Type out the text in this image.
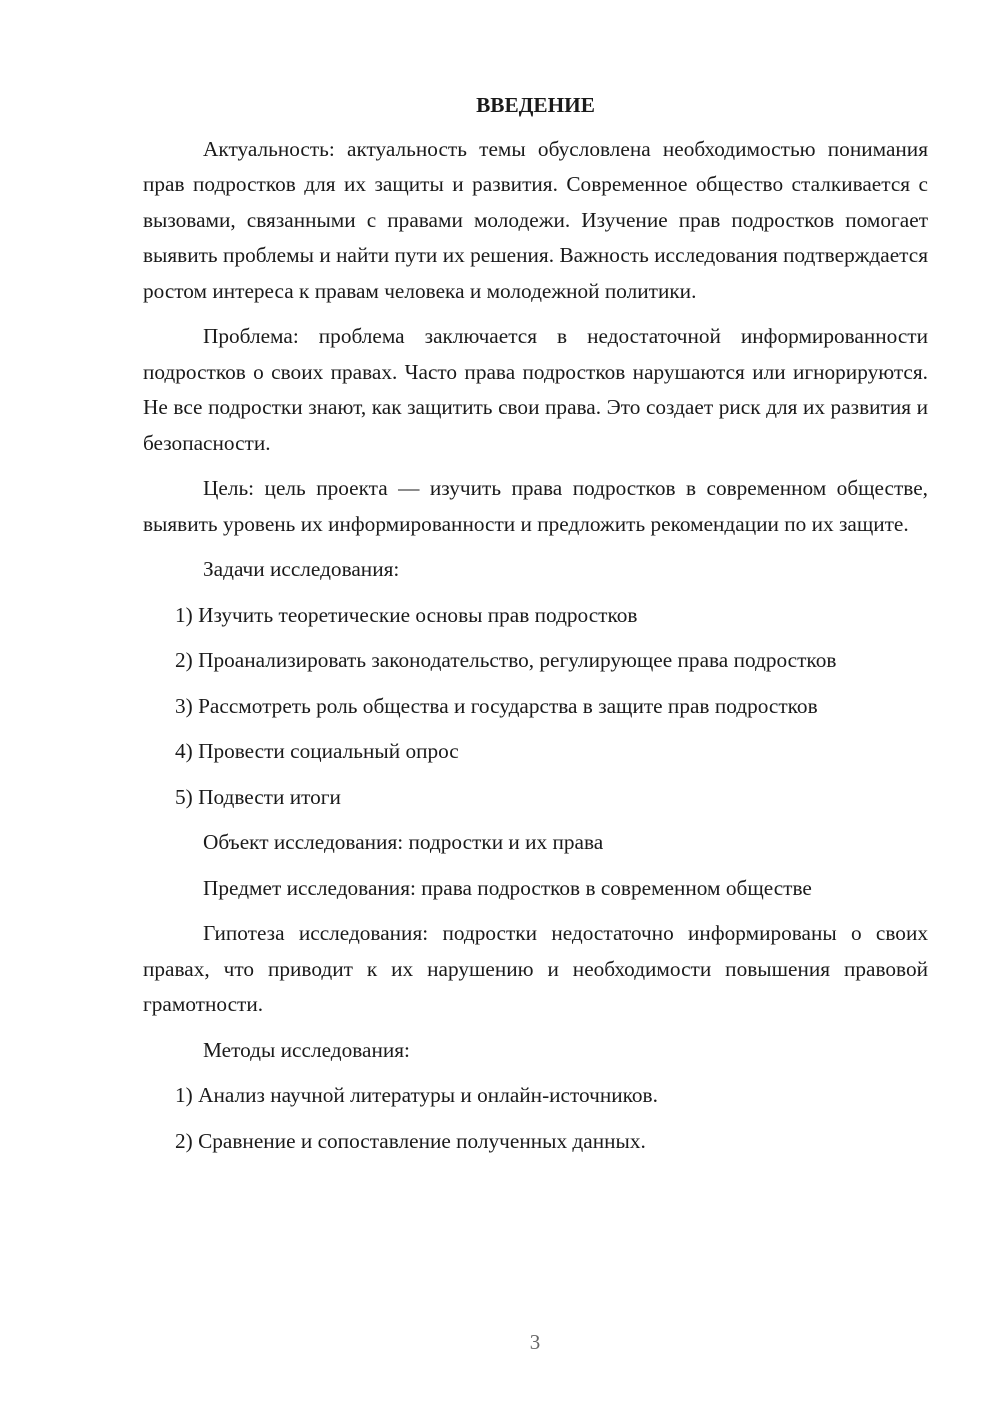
ВВЕДЕНИЕ

Актуальность: актуальность темы обусловлена необходимостью понимания прав подростков для их защиты и развития. Современное общество сталкивается с вызовами, связанными с правами молодежи. Изучение прав подростков помогает выявить проблемы и найти пути их решения. Важность исследования подтверждается ростом интереса к правам человека и молодежной политики.

Проблема: проблема заключается в недостаточной информированности подростков о своих правах. Часто права подростков нарушаются или игнорируются. Не все подростки знают, как защитить свои права. Это создает риск для их развития и безопасности.

Цель: цель проекта — изучить права подростков в современном обществе, выявить уровень их информированности и предложить рекомендации по их защите.

Задачи исследования:

1) Изучить теоретические основы прав подростков

2) Проанализировать законодательство, регулирующее права подростков

3) Рассмотреть роль общества и государства в защите прав подростков

4) Провести социальный опрос

5) Подвести итоги

Объект исследования: подростки и их права

Предмет исследования: права подростков в современном обществе

Гипотеза исследования: подростки недостаточно информированы о своих правах, что приводит к их нарушению и необходимости повышения правовой грамотности.

Методы исследования:

1) Анализ научной литературы и онлайн-источников.

2) Сравнение и сопоставление полученных данных.

3
